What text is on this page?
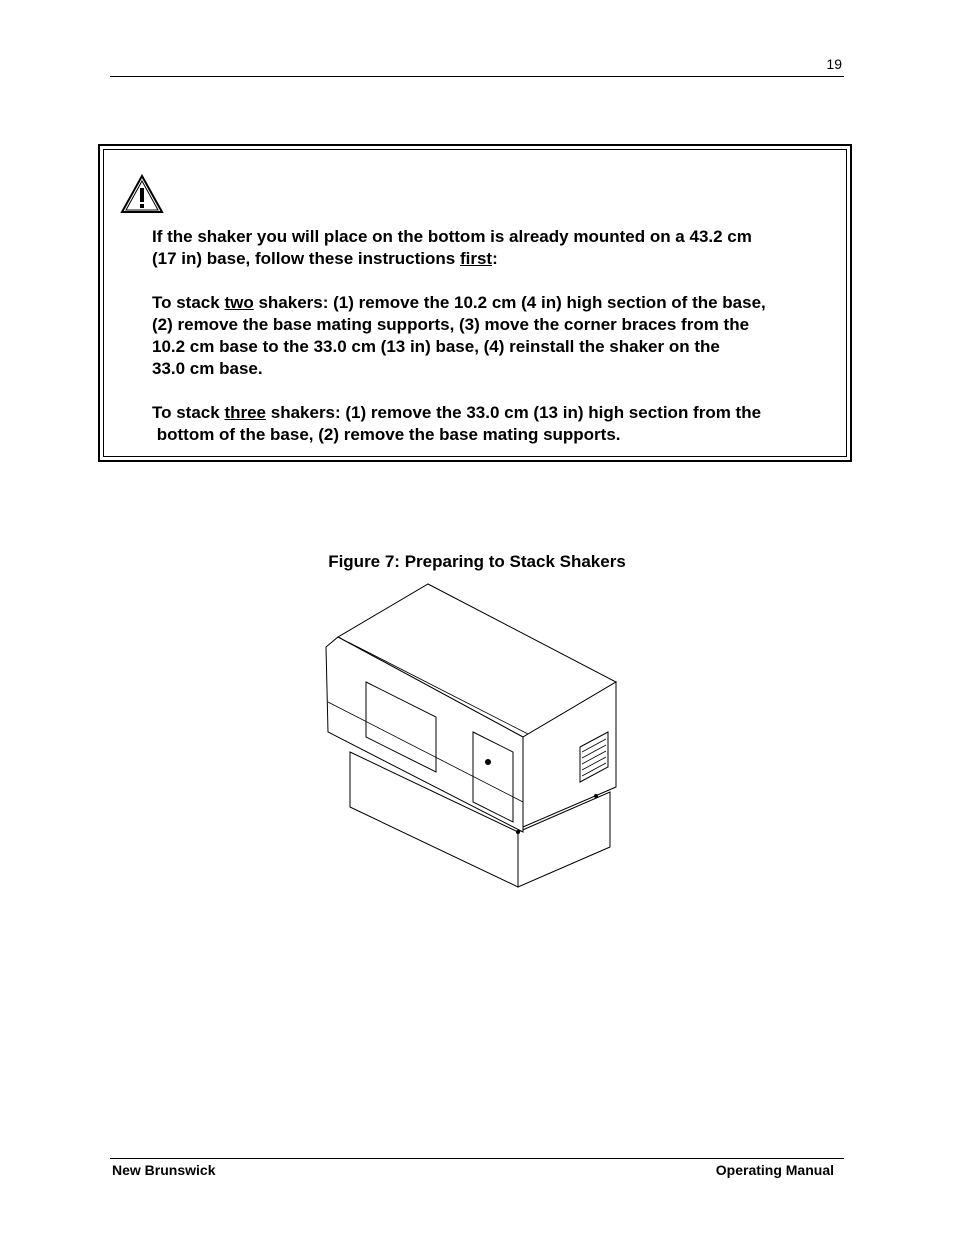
19
If the shaker you will place on the bottom is already mounted on a 43.2 cm
(17 in) base, follow these instructions first:
To stack two shakers: (1) remove the 10.2 cm (4 in) high section of the base,
(2) remove the base mating supports, (3) move the corner braces from the
10.2 cm base to the 33.0 cm (13 in) base, (4) reinstall the shaker on the
33.0 cm base.
To stack three shakers: (1) remove the 33.0 cm (13 in) high section from the
bottom of the base, (2) remove the base mating supports.
Figure 7: Preparing to Stack Shakers
New Brunswick	Operating Manual
